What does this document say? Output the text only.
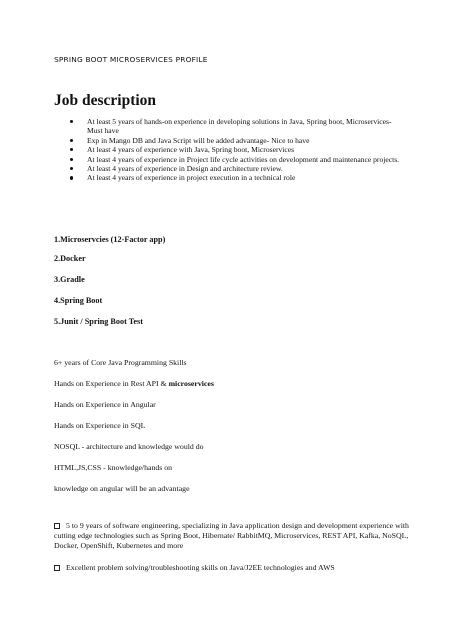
SPRING BOOT MICROSERVICES PROFILE
Job description
At least 5 years of hands-on experience in developing solutions in Java, Spring boot, Microservices- Must have
Exp in Mango DB and Java Script will be added advantage- Nice to have
At least 4 years of experience with Java, Spring boot, Microservices
At least 4 years of experience in Project life cycle activities on development and maintenance projects.
At least 4 years of experience in Design and architecture review.
At least 4 years of experience in project execution in a technical role
1.Microservcies (12-Factor app)
2.Docker
3.Gradle
4.Spring Boot
5.Junit / Spring Boot Test
6+ years of Core Java Programming Skills
Hands on Experience in Rest API & microservices
Hands on Experience in Angular
Hands on Experience in SQL
NOSQL - architecture and knowledge would do
HTML,JS,CSS - knowledge/hands on
knowledge on angular will be an advantage
5 to 9 years of software engineering, specializing in Java application design and development experience with cutting edge technologies such as Spring Boot, Hibernate/ RabbitMQ, Microservices, REST API, Kafka, NoSQL, Docker, OpenShift, Kubernetes and more
Excellent problem solving/troubleshooting skills on Java/J2EE technologies and AWS
